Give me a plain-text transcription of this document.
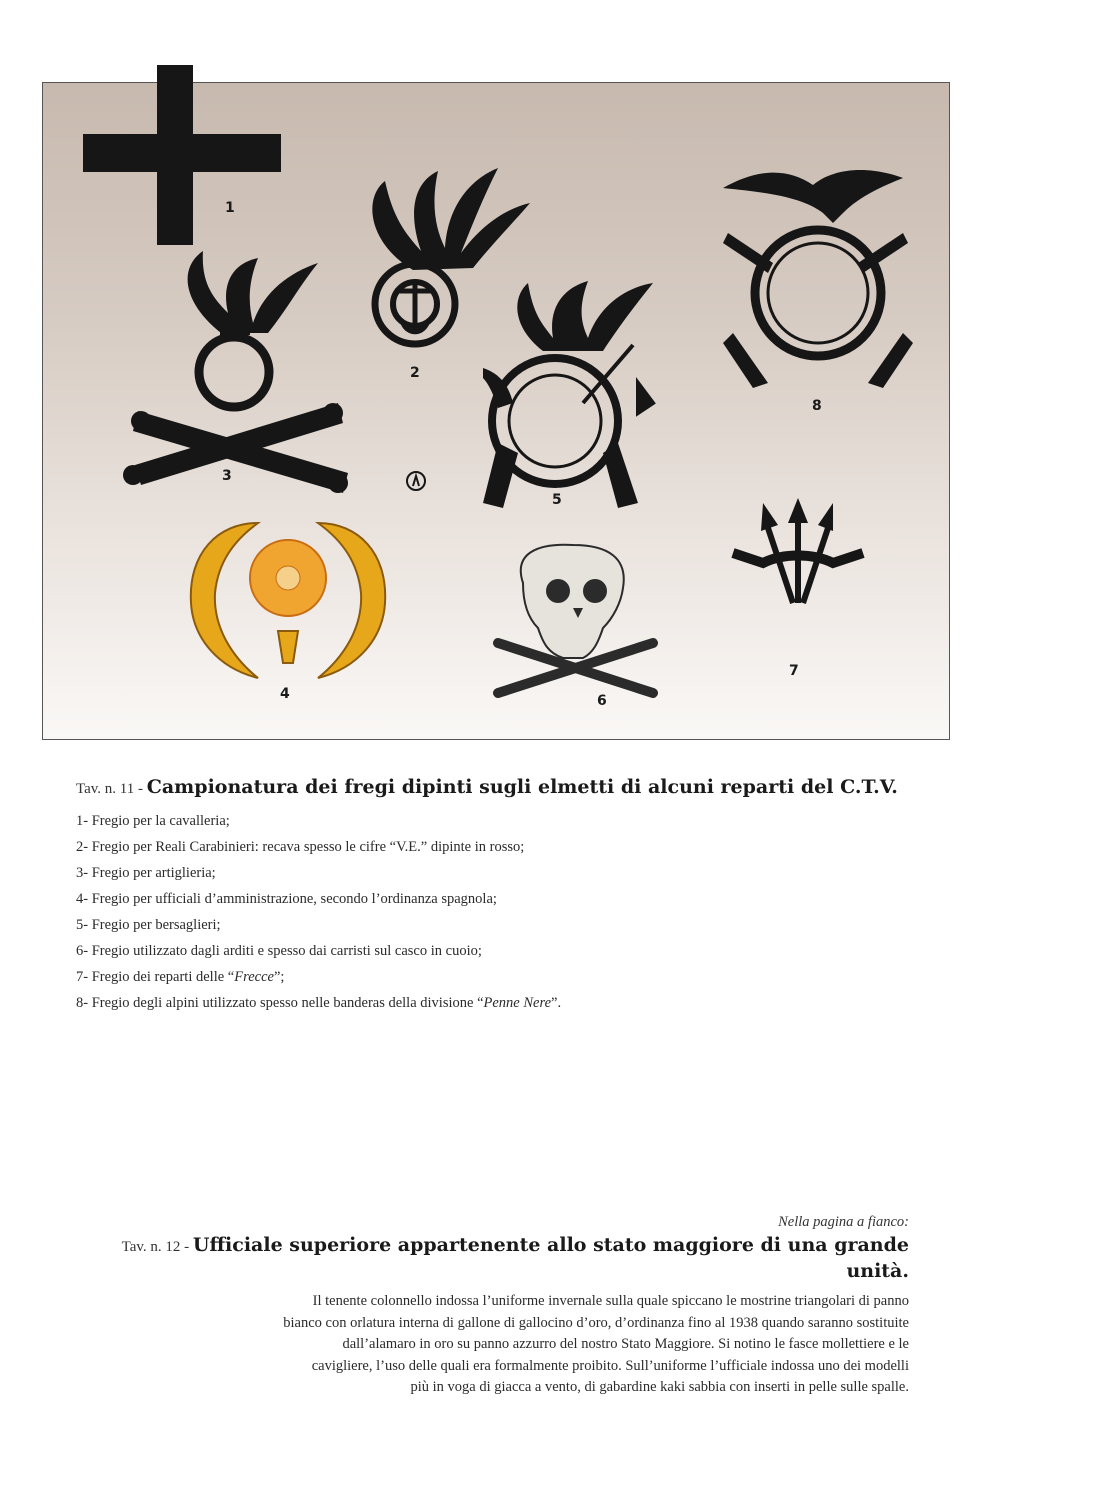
1
2
3
4
5
6
7
8
Tav. n. 11 - Campionatura dei fregi dipinti sugli elmetti di alcuni reparti del C.T.V.
1- Fregio per la cavalleria;
2- Fregio per Reali Carabinieri: recava spesso le cifre “V.E.” dipinte in rosso;
3- Fregio per artiglieria;
4- Fregio per ufficiali d’amministrazione, secondo l’ordinanza spagnola;
5- Fregio per bersaglieri;
6- Fregio utilizzato dagli arditi e spesso dai carristi sul casco in cuoio;
7- Fregio dei reparti delle “Frecce”;
8- Fregio degli alpini utilizzato spesso nelle banderas della divisione “Penne Nere”.
Nella pagina a fianco:
Tav. n. 12 - Ufficiale superiore appartenente allo stato maggiore di una grande unità.
Il tenente colonnello indossa l’uniforme invernale sulla quale spiccano le mostrine triangolari di panno
bianco con orlatura interna di gallone di gallocino d’oro, d’ordinanza fino al 1938 quando saranno sostituite
dall’alamaro in oro su panno azzurro del nostro Stato Maggiore. Si notino le fasce mollettiere e le
cavigliere, l’uso delle quali era formalmente proibito. Sull’uniforme l’ufficiale indossa uno dei modelli
più in voga di giacca a vento, di gabardine kaki sabbia con inserti in pelle sulle spalle.
